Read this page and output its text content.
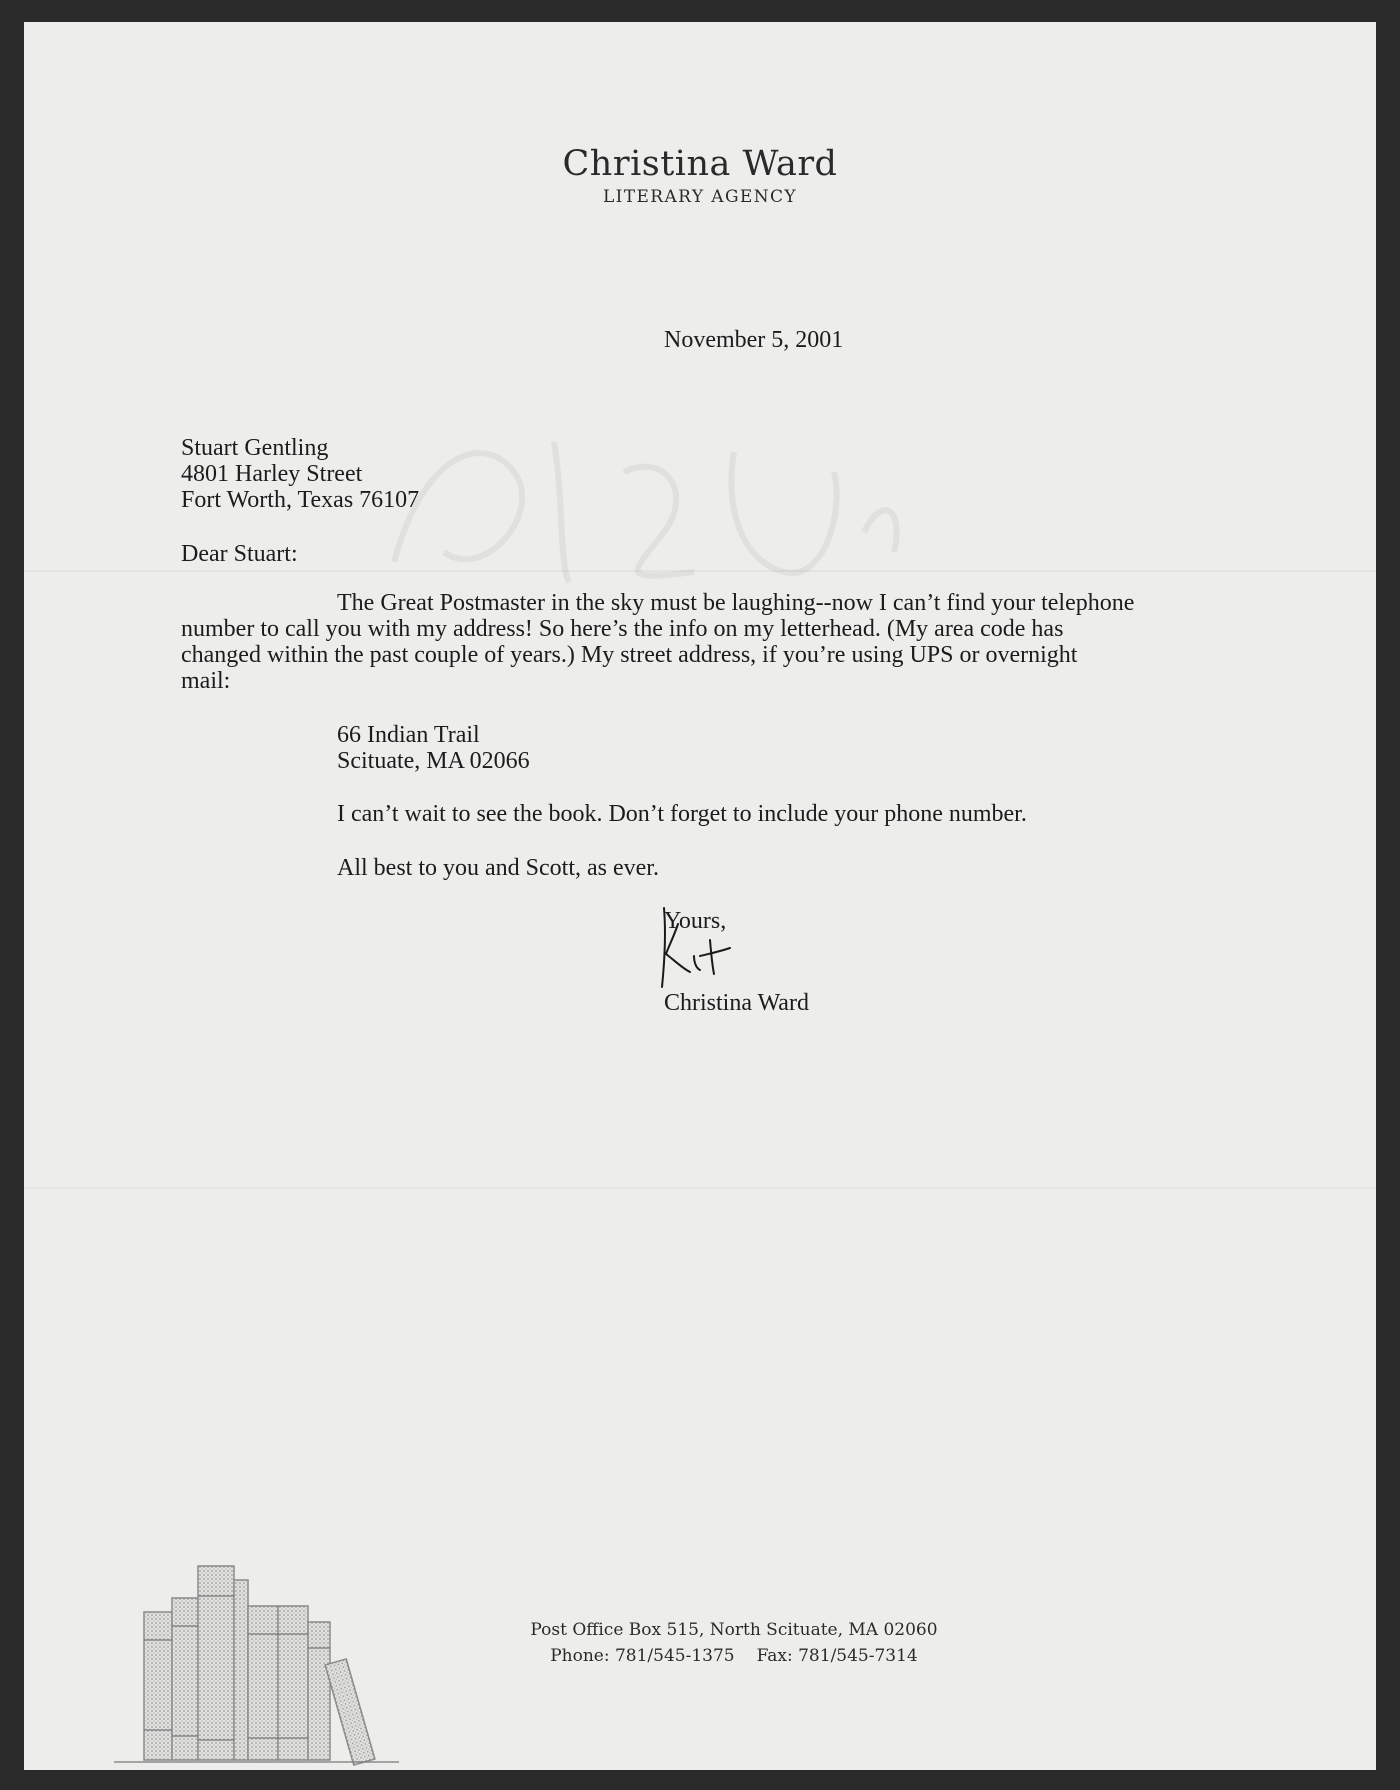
Christina Ward
LITERARY AGENCY
November 5, 2001
Stuart Gentling
4801 Harley Street
Fort Worth, Texas 76107
Dear Stuart:
The Great Postmaster in the sky must be laughing--now I can’t find your telephone
number to call you with my address! So here’s the info on my letterhead. (My area code has
changed within the past couple of years.) My street address, if you’re using UPS or overnight
mail:
66 Indian Trail
Scituate, MA 02066
I can’t wait to see the book. Don’t forget to include your phone number.
All best to you and Scott, as ever.
Yours,
Christina Ward
Post Office Box 515, North Scituate, MA 02060
Phone: 781/545-1375 Fax: 781/545-7314
